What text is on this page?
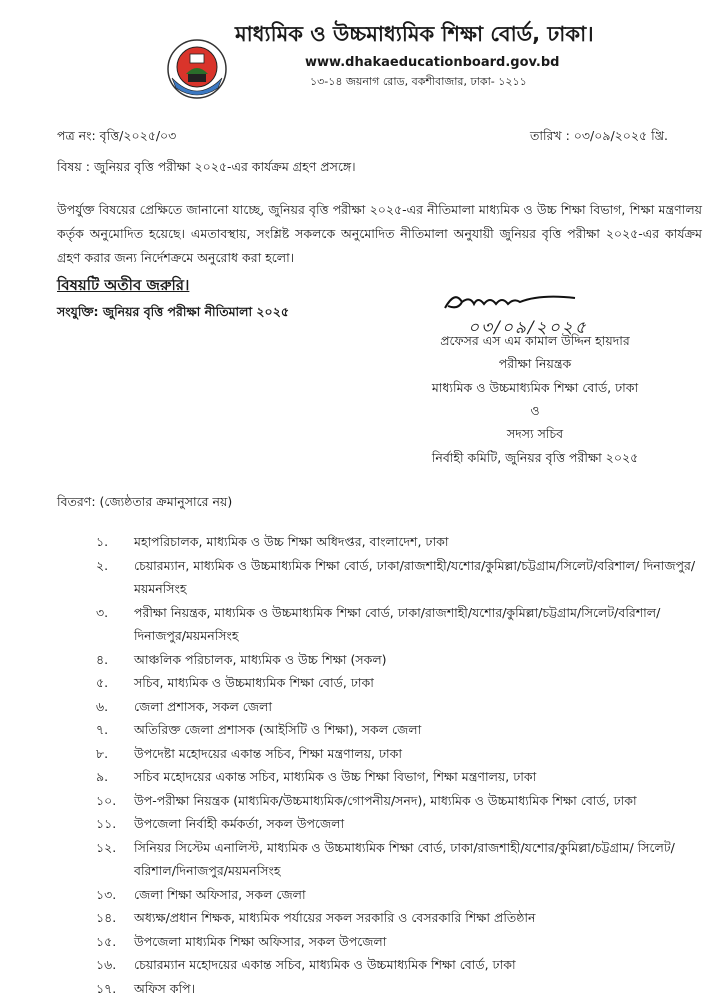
মাধ্যমিক ও উচ্চমাধ্যমিক শিক্ষা বোর্ড, ঢাকা।
www.dhakaeducationboard.gov.bd
১৩-১৪ জয়নাগ রোড, বকশীবাজার, ঢাকা- ১২১১
পত্র নং: বৃত্তি/২০২৫/০৩	তারিখ : ০৩/০৯/২০২৫ খ্রি.
বিষয় : জুনিয়র বৃত্তি পরীক্ষা ২০২৫-এর কার্যক্রম গ্রহণ প্রসঙ্গে।
উপর্যুক্ত বিষয়ের প্রেক্ষিতে জানানো যাচ্ছে, জুনিয়র বৃত্তি পরীক্ষা ২০২৫-এর নীতিমালা মাধ্যমিক ও উচ্চ শিক্ষা বিভাগ, শিক্ষা মন্ত্রণালয় কর্তৃক অনুমোদিত হয়েছে। এমতাবস্থায়, সংশ্লিষ্ট সকলকে অনুমোদিত নীতিমালা অনুযায়ী জুনিয়র বৃত্তি পরীক্ষা ২০২৫-এর কার্যক্রম গ্রহণ করার জন্য নির্দেশক্রমে অনুরোধ করা হলো।
বিষয়টি অতীব জরুরি।
সংযুক্তি: জুনিয়র বৃত্তি পরীক্ষা নীতিমালা ২০২৫
০৩/০৯/২০২৫
প্রফেসর এস এম কামাল উদ্দিন হায়দার
পরীক্ষা নিয়ন্ত্রক
মাধ্যমিক ও উচ্চমাধ্যমিক শিক্ষা বোর্ড, ঢাকা
ও
সদস্য সচিব
নির্বাহী কমিটি, জুনিয়র বৃত্তি পরীক্ষা ২০২৫
বিতরণ: (জ্যেষ্ঠতার ক্রমানুসারে নয়)
১.	মহাপরিচালক, মাধ্যমিক ও উচ্চ শিক্ষা অধিদপ্তর, বাংলাদেশ, ঢাকা
২.	চেয়ারম্যান, মাধ্যমিক ও উচ্চমাধ্যমিক শিক্ষা বোর্ড, ঢাকা/রাজশাহী/যশোর/কুমিল্লা/চট্টগ্রাম/সিলেট/বরিশাল/ দিনাজপুর/ময়মনসিংহ
৩.	পরীক্ষা নিয়ন্ত্রক, মাধ্যমিক ও উচ্চমাধ্যমিক শিক্ষা বোর্ড, ঢাকা/রাজশাহী/যশোর/কুমিল্লা/চট্টগ্রাম/সিলেট/বরিশাল/ দিনাজপুর/ময়মনসিংহ
৪.	আঞ্চলিক পরিচালক, মাধ্যমিক ও উচ্চ শিক্ষা (সকল)
৫.	সচিব, মাধ্যমিক ও উচ্চমাধ্যমিক শিক্ষা বোর্ড, ঢাকা
৬.	জেলা প্রশাসক, সকল জেলা
৭.	অতিরিক্ত জেলা প্রশাসক (আইসিটি ও শিক্ষা), সকল জেলা
৮.	উপদেষ্টা মহোদয়ের একান্ত সচিব, শিক্ষা মন্ত্রণালয়, ঢাকা
৯.	সচিব মহোদয়ের একান্ত সচিব, মাধ্যমিক ও উচ্চ শিক্ষা বিভাগ, শিক্ষা মন্ত্রণালয়, ঢাকা
১০.	উপ-পরীক্ষা নিয়ন্ত্রক (মাধ্যমিক/উচ্চমাধ্যমিক/গোপনীয়/সনদ), মাধ্যমিক ও উচ্চমাধ্যমিক শিক্ষা বোর্ড, ঢাকা
১১.	উপজেলা নির্বাহী কর্মকর্তা, সকল উপজেলা
১২.	সিনিয়র সিস্টেম এনালিস্ট, মাধ্যমিক ও উচ্চমাধ্যমিক শিক্ষা বোর্ড, ঢাকা/রাজশাহী/যশোর/কুমিল্লা/চট্টগ্রাম/ সিলেট/বরিশাল/দিনাজপুর/ময়মনসিংহ
১৩.	জেলা শিক্ষা অফিসার, সকল জেলা
১৪.	অধ্যক্ষ/প্রধান শিক্ষক, মাধ্যমিক পর্যায়ের সকল সরকারি ও বেসরকারি শিক্ষা প্রতিষ্ঠান
১৫.	উপজেলা মাধ্যমিক শিক্ষা অফিসার, সকল উপজেলা
১৬.	চেয়ারম্যান মহোদয়ের একান্ত সচিব, মাধ্যমিক ও উচ্চমাধ্যমিক শিক্ষা বোর্ড, ঢাকা
১৭.	অফিস কপি।
